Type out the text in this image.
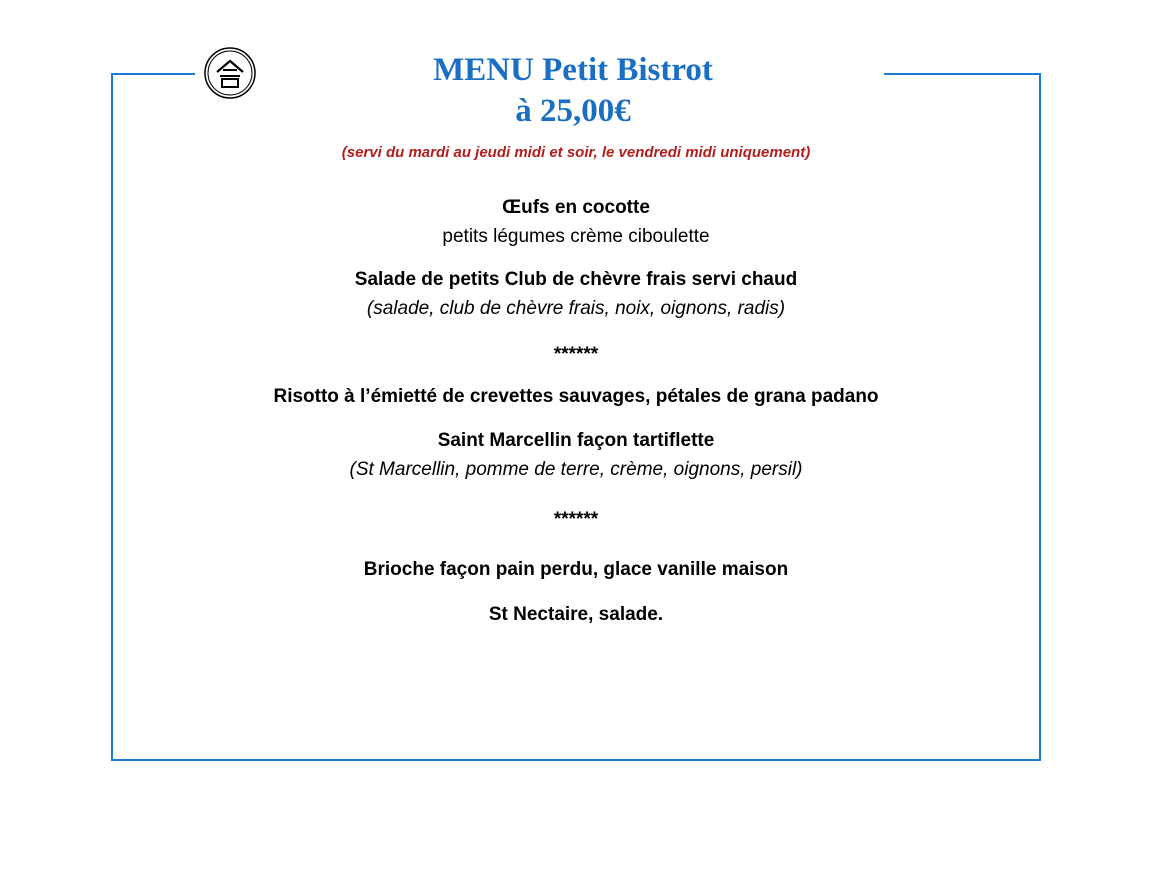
MENU Petit Bistrot
à 25,00€
(servi du mardi au jeudi midi et soir, le vendredi midi uniquement)
Œufs en cocotte
petits légumes crème ciboulette
Salade de petits Club de chèvre frais servi chaud
(salade, club de chèvre frais, noix, oignons, radis)
******
Risotto à l’émietté de crevettes sauvages, pétales de grana padano
Saint Marcellin façon tartiflette
(St Marcellin, pomme de terre, crème, oignons, persil)
******
Brioche façon pain perdu, glace vanille maison
St Nectaire, salade.
